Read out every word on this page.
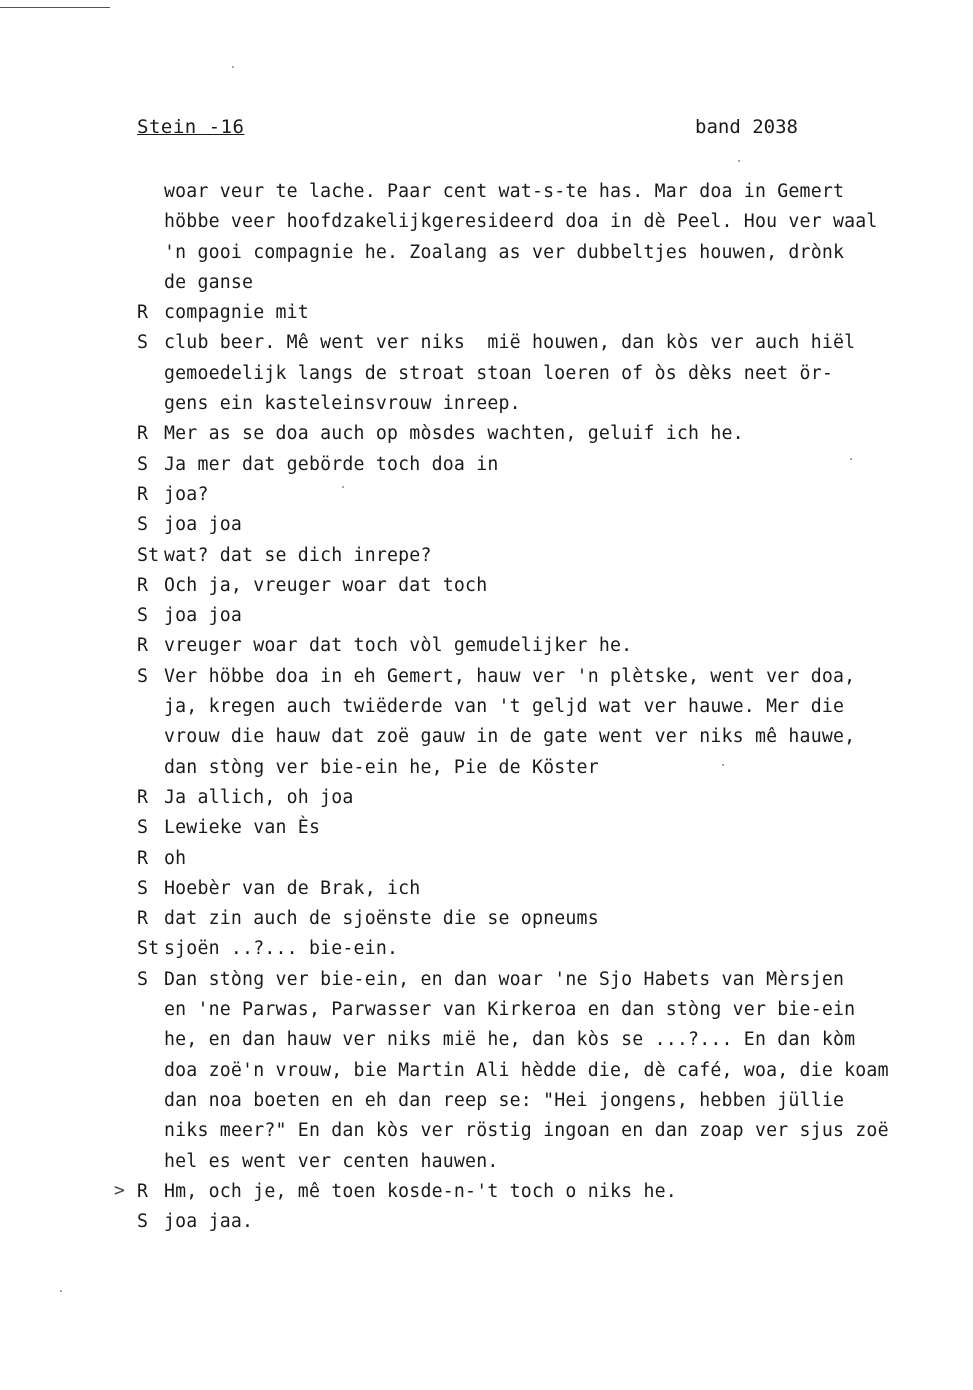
Stein -16	band 2038
>
woar veur te lache. Paar cent wat-s-te has. Mar doa in Gemert
höbbe veer hoofdzakelijkgeresideerd doa in dè Peel. Hou ver waal
'n gooi compagnie he. Zoalang as ver dubbeltjes houwen, drònk
de ganse
R compagnie mit
S club beer. Mê went ver niks  mië houwen, dan kòs ver auch hiël
gemoedelijk langs de stroat stoan loeren of òs dèks neet ör-
gens ein kasteleinsvrouw inreep.
R Mer as se doa auch op mòsdes wachten, geluif ich he.
S Ja mer dat gebörde toch doa in
R joa?
S joa joa
St wat? dat se dich inrepe?
R Och ja, vreuger woar dat toch
S joa joa
R vreuger woar dat toch vòl gemudelijker he.
S Ver höbbe doa in eh Gemert, hauw ver 'n plètske, went ver doa,
ja, kregen auch twiëderde van 't geljd wat ver hauwe. Mer die
vrouw die hauw dat zoë gauw in de gate went ver niks mê hauwe,
dan stòng ver bie-ein he, Pie de Köster
R Ja allich, oh joa
S Lewieke van Ès
R oh
S Hoebèr van de Brak, ich
R dat zin auch de sjoënste die se opneums
St sjoën ..?... bie-ein.
S Dan stòng ver bie-ein, en dan woar 'ne Sjo Habets van Mèrsjen
en 'ne Parwas, Parwasser van Kirkeroa en dan stòng ver bie-ein
he, en dan hauw ver niks mië he, dan kòs se ...?... En dan kòm
doa zoë'n vrouw, bie Martin Ali hèdde die, dè café, woa, die koam
dan noa boeten en eh dan reep se: "Hei jongens, hebben jüllie
niks meer?" En dan kòs ver röstig ingoan en dan zoap ver sjus zoë
hel es went ver centen hauwen.
R Hm, och je, mê toen kosde-n-'t toch o niks he.
S joa jaa.
